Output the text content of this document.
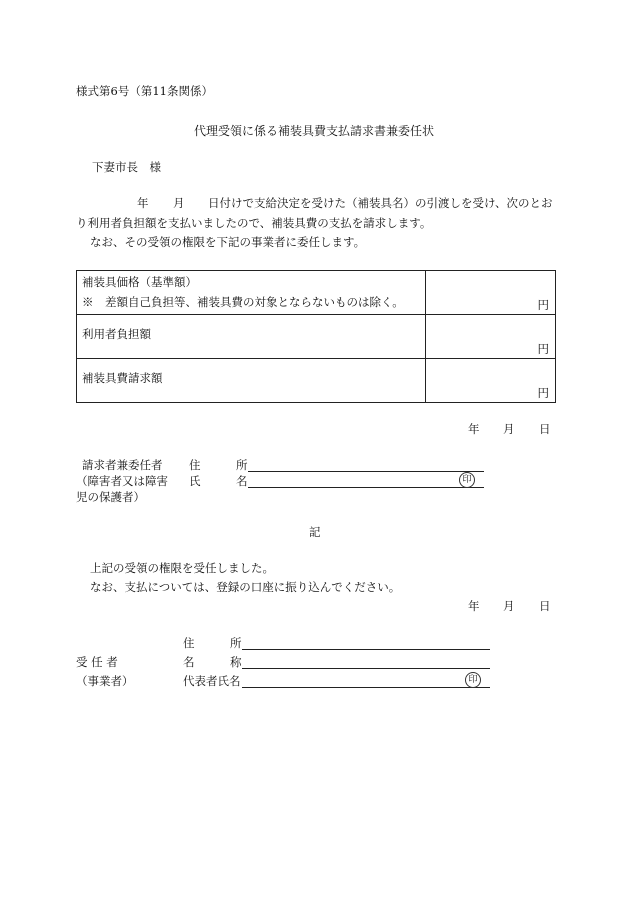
様式第6号（第11条関係）
代理受領に係る補装具費支払請求書兼委任状
下妻市長　様
年 月 日付けで支給決定を受けた（補装具名）の引渡しを受け、次のとお
り利用者負担額を支払いましたので、補装具費の支払を請求します。
なお、その受領の権限を下記の事業者に委任します。
補装具価格（基準額）
※　差額自己負担等、補装具費の対象とならないものは除く。	円

利用者負担額	円

補装具費請求額	円
年 月 日
請求者兼委任者
（障害者又は障害
児の保護者）
住	所
氏	名	印
記
上記の受領の権限を受任しました。
なお、支払については、登録の口座に振り込んでください。
年 月 日
住	所
受 任 者	名	称
（事業者）	代表者氏名	印
